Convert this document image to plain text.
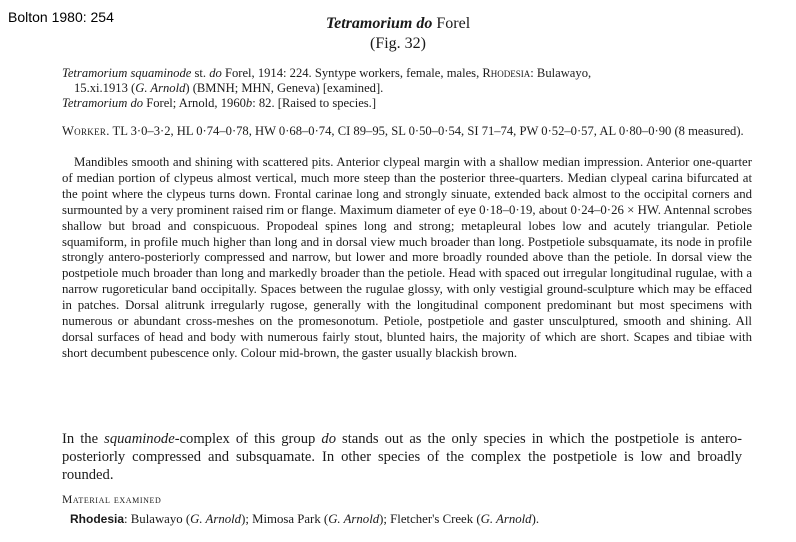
Bolton 1980: 254	Tetramorium do Forel
(Fig. 32)
Tetramorium squaminode st. do Forel, 1914: 224. Syntype workers, female, males, Rhodesia: Bulawayo,
15.xi.1913 (G. Arnold) (BMNH; MHN, Geneva) [examined].
Tetramorium do Forel; Arnold, 1960b: 82. [Raised to species.]
Worker. TL 3·0–3·2, HL 0·74–0·78, HW 0·68–0·74, CI 89–95, SL 0·50–0·54, SI 71–74, PW 0·52–0·57, AL 0·80–0·90 (8 measured).
Mandibles smooth and shining with scattered pits. Anterior clypeal margin with a shallow median impression. Anterior one-quarter of median portion of clypeus almost vertical, much more steep than the posterior three-quarters. Median clypeal carina bifurcated at the point where the clypeus turns down. Frontal carinae long and strongly sinuate, extended back almost to the occipital corners and surmounted by a very prominent raised rim or flange. Maximum diameter of eye 0·18–0·19, about 0·24–0·26 × HW. Antennal scrobes shallow but broad and conspicuous. Propodeal spines long and strong; metapleural lobes low and acutely triangular. Petiole squamiform, in profile much higher than long and in dorsal view much broader than long. Postpetiole subsquamate, its node in profile strongly antero-posteriorly compressed and narrow, but lower and more broadly rounded above than the petiole. In dorsal view the postpetiole much broader than long and markedly broader than the petiole. Head with spaced out irregular longitudinal rugulae, with a narrow rugoreticular band occipitally. Spaces between the rugulae glossy, with only vestigial ground-sculpture which may be effaced in patches. Dorsal alitrunk irregularly rugose, generally with the longitudinal component predominant but most specimens with numerous or abundant cross-meshes on the promesonotum. Petiole, postpetiole and gaster unsculptured, smooth and shining. All dorsal surfaces of head and body with numerous fairly stout, blunted hairs, the majority of which are short. Scapes and tibiae with short decumbent pubescence only. Colour mid-brown, the gaster usually blackish brown.
In the squaminode-complex of this group do stands out as the only species in which the postpetiole is antero-posteriorly compressed and subsquamate. In other species of the complex the postpetiole is low and broadly rounded.
Material examined
Rhodesia: Bulawayo (G. Arnold); Mimosa Park (G. Arnold); Fletcher's Creek (G. Arnold).
